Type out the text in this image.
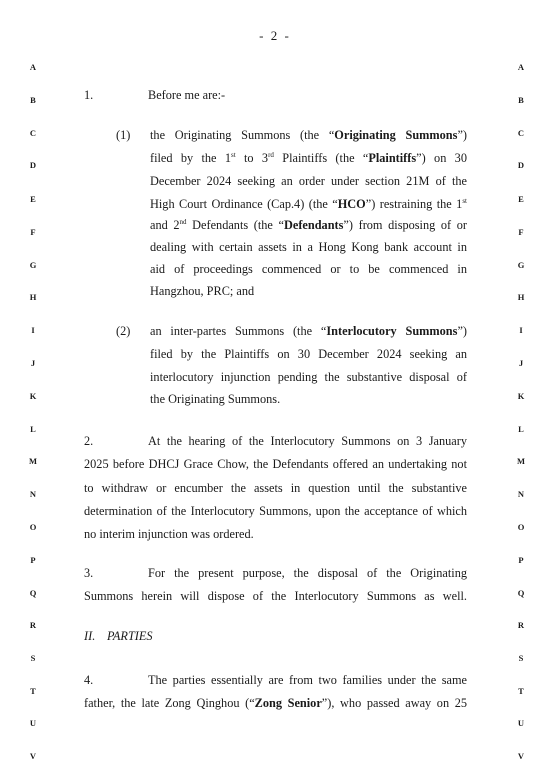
- 2 -
A	A
B	B
C	C
D	D
E	E
F	F
G	G
H	H
I	I
J	J
K	K
L	L
M	M
N	N
O	O
P	P
Q	Q
R	R
S	S
T	T
U	U
V	V
1.	Before me are:-
(1) the Originating Summons (the “Originating Summons”)
filed by the 1st to 3rd Plaintiffs (the “Plaintiffs”) on 30
December 2024 seeking an order under section 21M of the
High Court Ordinance (Cap.4) (the “HCO”) restraining the 1st
and 2nd Defendants (the “Defendants”) from disposing of or
dealing with certain assets in a Hong Kong bank account in
aid of proceedings commenced or to be commenced in
Hangzhou, PRC; and
(2) an inter-partes Summons (the “Interlocutory Summons”)
filed by the Plaintiffs on 30 December 2024 seeking an
interlocutory injunction pending the substantive disposal of
the Originating Summons.
2.	At the hearing of the Interlocutory Summons on 3 January
2025 before DHCJ Grace Chow, the Defendants offered an undertaking not
to withdraw or encumber the assets in question until the substantive
determination of the Interlocutory Summons, upon the acceptance of which
no interim injunction was ordered.
3.	For the present purpose, the disposal of the Originating
Summons herein will dispose of the Interlocutory Summons as well.
II. PARTIES
4.	The parties essentially are from two families under the same
father, the late Zong Qinghou (“Zong Senior”), who passed away on 25
